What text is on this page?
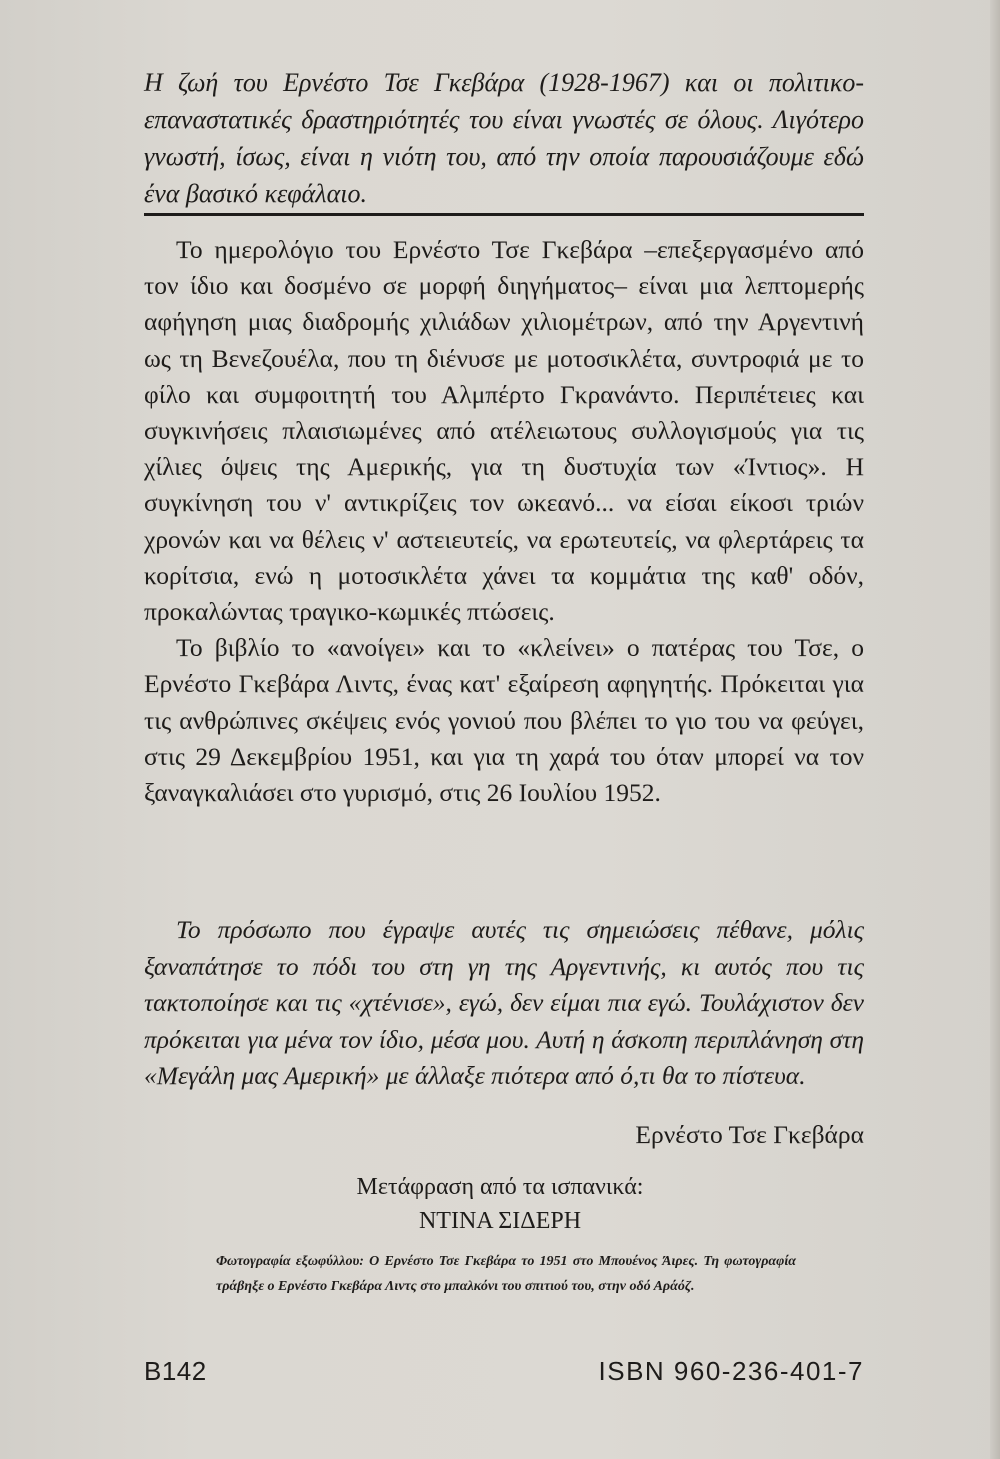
Η ζωή του Ερνέστο Τσε Γκεβάρα (1928-1967) και οι πολιτικο-επαναστατικές δραστηριότητές του είναι γνωστές σε όλους. Λιγότερο γνωστή, ίσως, είναι η νιότη του, από την οποία παρουσιάζουμε εδώ ένα βασικό κεφάλαιο.

Το ημερολόγιο του Ερνέστο Τσε Γκεβάρα –επεξεργασμένο από τον ίδιο και δοσμένο σε μορφή διηγήματος– είναι μια λεπτομερής αφήγηση μιας διαδρομής χιλιάδων χιλιομέτρων, από την Αργεντινή ως τη Βενεζουέλα, που τη διένυσε με μοτοσικλέτα, συντροφιά με το φίλο και συμφοιτητή του Αλμπέρτο Γκρανάντο. Περιπέτειες και συγκινήσεις πλαισιωμένες από ατέλειωτους συλλογισμούς για τις χίλιες όψεις της Αμερικής, για τη δυστυχία των «Ίντιος». Η συγκίνηση του ν' αντικρίζεις τον ωκεανό... να είσαι είκοσι τριών χρονών και να θέλεις ν' αστειευτείς, να ερωτευτείς, να φλερτάρεις τα κορίτσια, ενώ η μοτοσικλέτα χάνει τα κομμάτια της καθ' οδόν, προκαλώντας τραγικο-κωμικές πτώσεις.

Το βιβλίο το «ανοίγει» και το «κλείνει» ο πατέρας του Τσε, ο Ερνέστο Γκεβάρα Λιντς, ένας κατ' εξαίρεση αφηγητής. Πρόκειται για τις ανθρώπινες σκέψεις ενός γονιού που βλέπει το γιο του να φεύγει, στις 29 Δεκεμβρίου 1951, και για τη χαρά του όταν μπορεί να τον ξαναγκαλιάσει στο γυρισμό, στις 26 Ιουλίου 1952.

Το πρόσωπο που έγραψε αυτές τις σημειώσεις πέθανε, μόλις ξαναπάτησε το πόδι του στη γη της Αργεντινής, κι αυτός που τις τακτοποίησε και τις «χτένισε», εγώ, δεν είμαι πια εγώ. Τουλάχιστον δεν πρόκειται για μένα τον ίδιο, μέσα μου. Αυτή η άσκοπη περιπλάνηση στη «Μεγάλη μας Αμερική» με άλλαξε πιότερα από ό,τι θα το πίστευα.
Ερνέστο Τσε Γκεβάρα
Μετάφραση από τα ισπανικά:
ΝΤΙΝΑ ΣΙΔΕΡΗ
Φωτογραφία εξωφύλλου: Ο Ερνέστο Τσε Γκεβάρα το 1951 στο Μπουένος Άιρες. Τη φωτογραφία τράβηξε ο Ερνέστο Γκεβάρα Λιντς στο μπαλκόνι του σπιτιού του, στην οδό Αράόζ.
B142	ISBN 960-236-401-7
